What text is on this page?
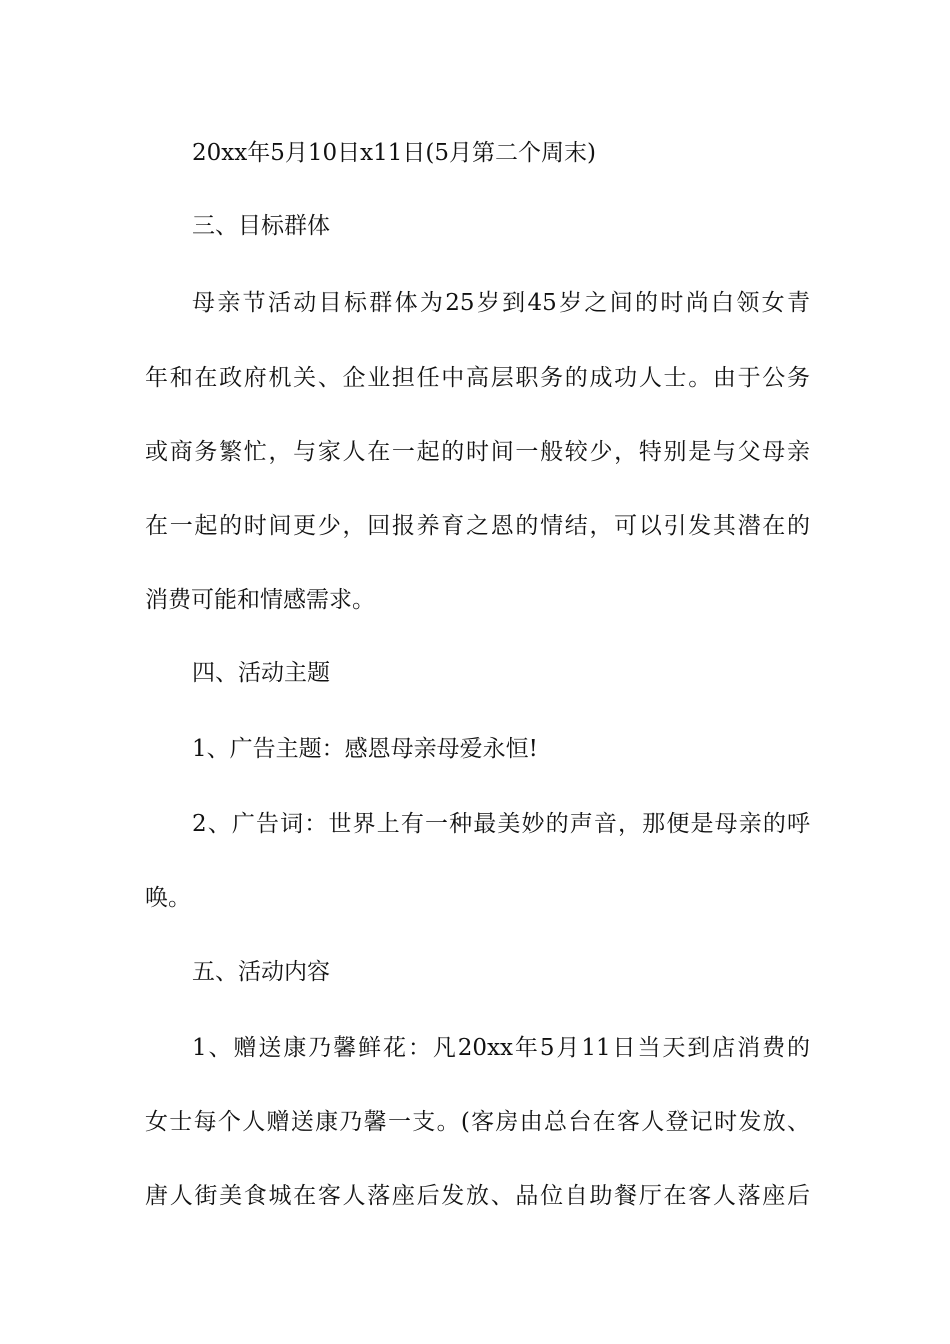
20xx年5月10日x11日(5月第二个周末)
三、目标群体
母亲节活动目标群体为25岁到45岁之间的时尚白领女青
年和在政府机关、企业担任中高层职务的成功人士。由于公务
或商务繁忙，与家人在一起的时间一般较少，特别是与父母亲
在一起的时间更少，回报养育之恩的情结，可以引发其潜在的
消费可能和情感需求。
四、活动主题
1、广告主题：感恩母亲母爱永恒!
2、广告词：世界上有一种最美妙的声音，那便是母亲的呼
唤。
五、活动内容
1、赠送康乃馨鲜花：凡20xx年5月11日当天到店消费的
女士每个人赠送康乃馨一支。(客房由总台在客人登记时发放、
唐人街美食城在客人落座后发放、品位自助餐厅在客人落座后
